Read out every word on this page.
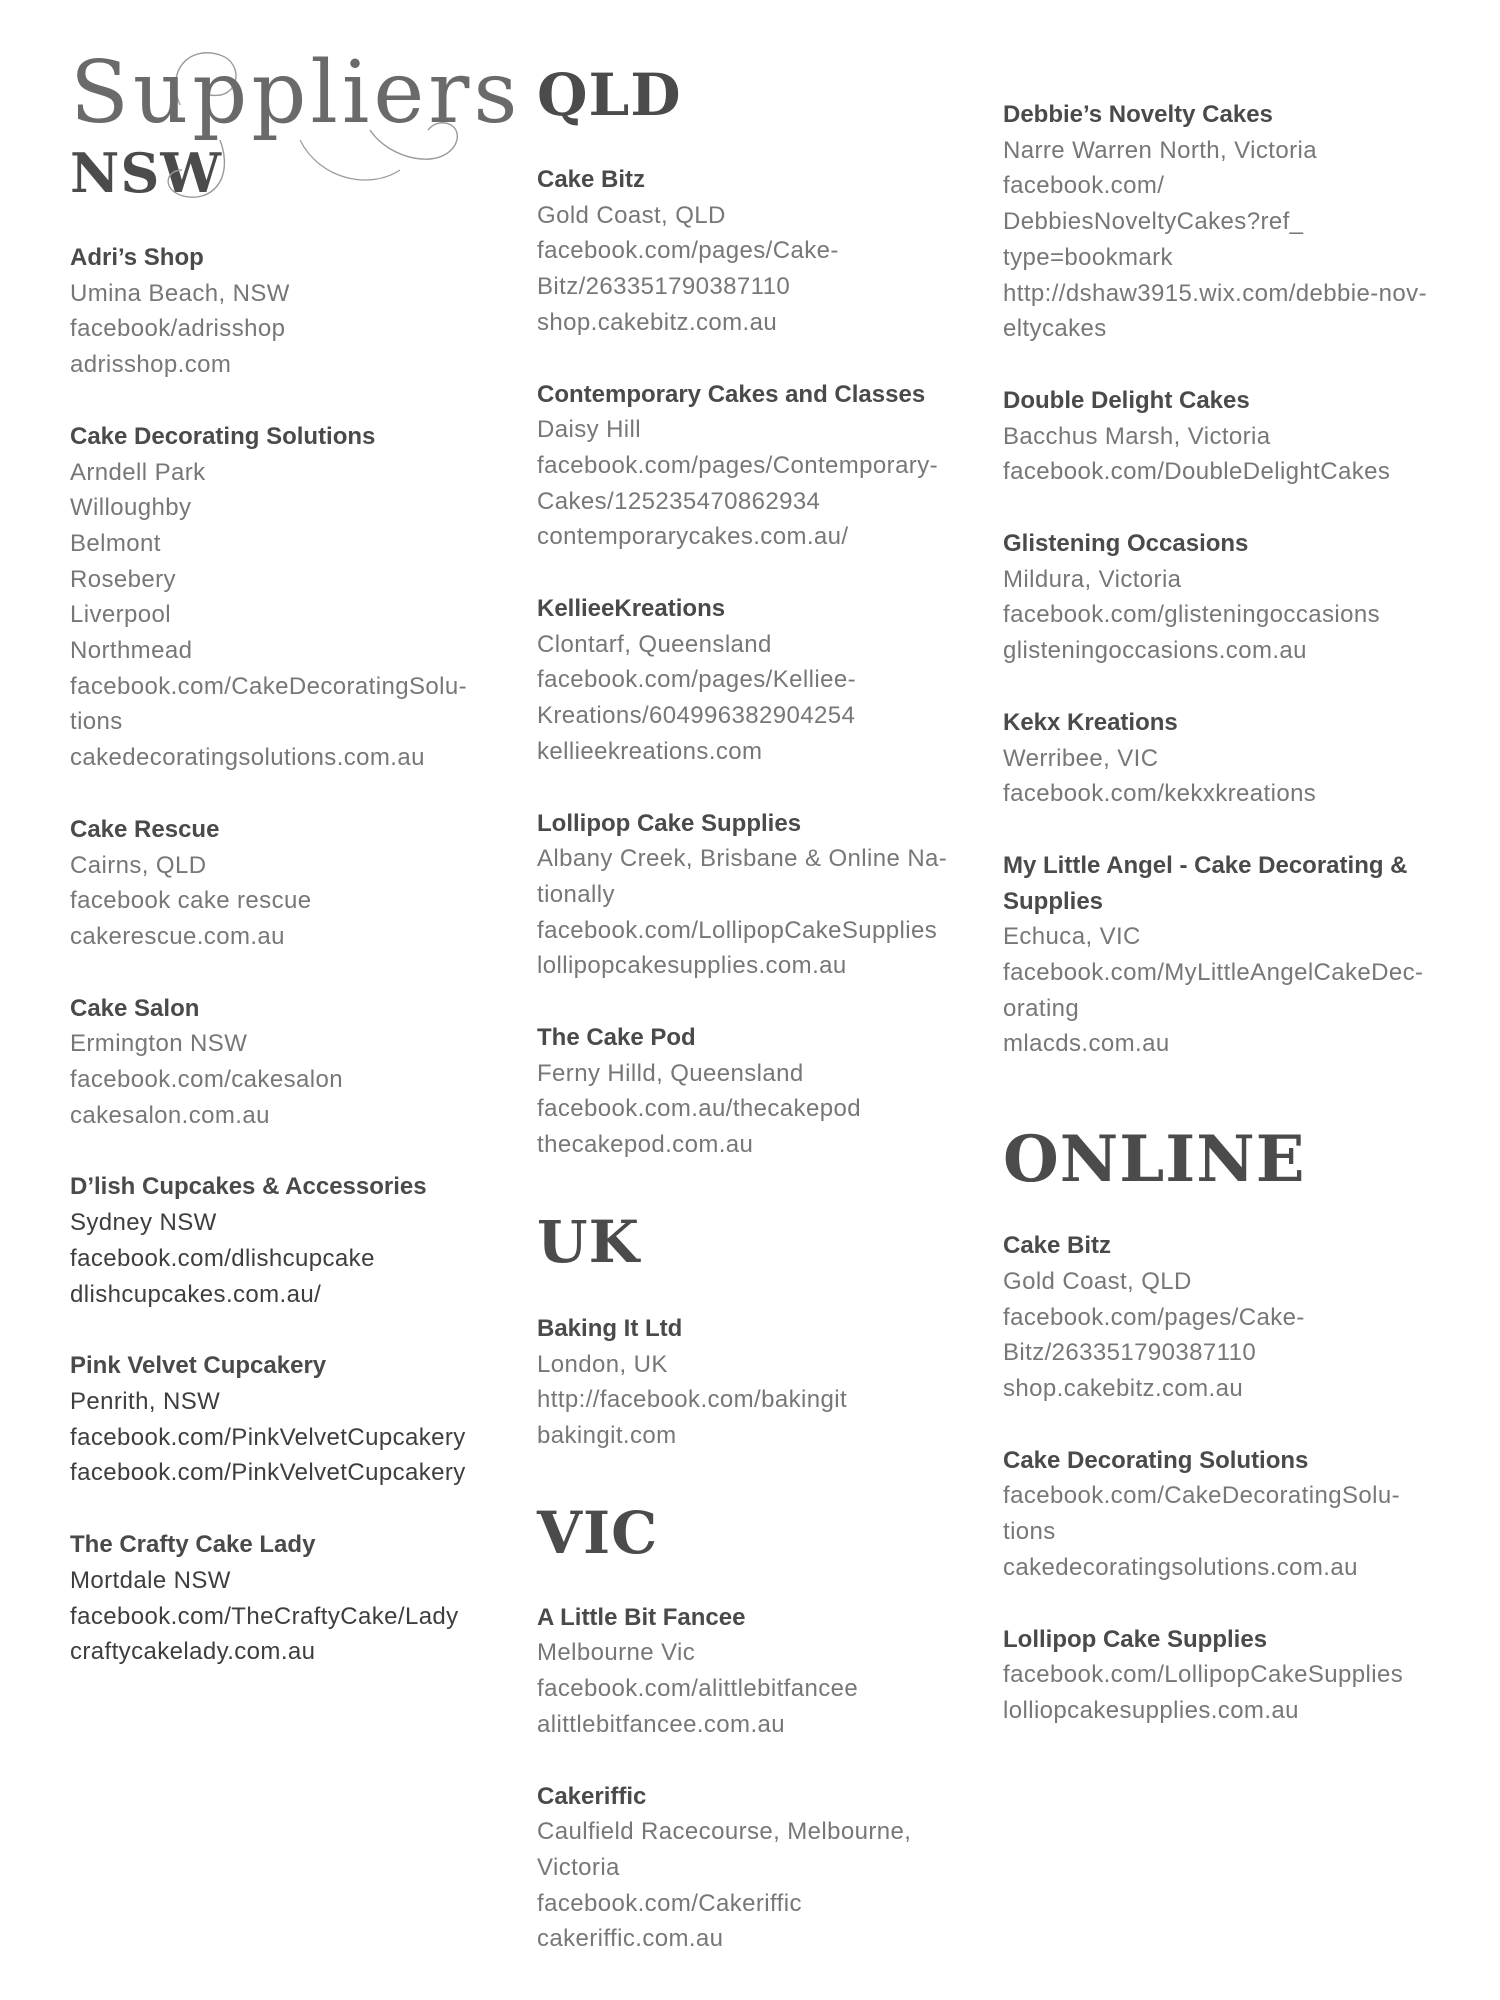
Suppliers
NSW
Adri’s Shop
Umina Beach, NSW
facebook/adrisshop
adrisshop.com
Cake Decorating Solutions
Arndell Park
Willoughby
Belmont
Rosebery
Liverpool
Northmead
facebook.com/CakeDecoratingSolu-
tions
cakedecoratingsolutions.com.au
Cake Rescue
Cairns, QLD
facebook cake rescue
cakerescue.com.au
Cake Salon
Ermington NSW
facebook.com/cakesalon
cakesalon.com.au
D’lish Cupcakes & Accessories
Sydney NSW
facebook.com/dlishcupcake
dlishcupcakes.com.au/
Pink Velvet Cupcakery
Penrith, NSW
facebook.com/PinkVelvetCupcakery
facebook.com/PinkVelvetCupcakery
The Crafty Cake Lady
Mortdale NSW
facebook.com/TheCraftyCake/Lady
craftycakelady.com.au
QLD
Cake Bitz
Gold Coast, QLD
facebook.com/pages/Cake-
Bitz/263351790387110
shop.cakebitz.com.au
Contemporary Cakes and Classes
Daisy Hill
facebook.com/pages/Contemporary-
Cakes/125235470862934
contemporarycakes.com.au/
KellieeKreations
Clontarf, Queensland
facebook.com/pages/Kelliee-
Kreations/604996382904254
kellieekreations.com
Lollipop Cake Supplies
Albany Creek, Brisbane & Online Na-
tionally
facebook.com/LollipopCakeSupplies
lollipopcakesupplies.com.au
The Cake Pod
Ferny Hilld, Queensland
facebook.com.au/thecakepod
thecakepod.com.au
UK
Baking It Ltd
London, UK
http://facebook.com/bakingit
bakingit.com
VIC
A Little Bit Fancee
Melbourne Vic
facebook.com/alittlebitfancee
alittlebitfancee.com.au
Cakeriffic
Caulfield Racecourse, Melbourne,
Victoria
facebook.com/Cakeriffic
cakeriffic.com.au
Debbie’s Novelty Cakes
Narre Warren North, Victoria
facebook.com/
DebbiesNoveltyCakes?ref_
type=bookmark
http://dshaw3915.wix.com/debbie-nov-
eltycakes
Double Delight Cakes
Bacchus Marsh, Victoria
facebook.com/DoubleDelightCakes
Glistening Occasions
Mildura, Victoria
facebook.com/glisteningoccasions
glisteningoccasions.com.au
Kekx Kreations
Werribee, VIC
facebook.com/kekxkreations
My Little Angel - Cake Decorating & Supplies
Echuca, VIC
facebook.com/MyLittleAngelCakeDec-
orating
mlacds.com.au
ONLINE
Cake Bitz
Gold Coast, QLD
facebook.com/pages/Cake-
Bitz/263351790387110
shop.cakebitz.com.au
Cake Decorating Solutions
facebook.com/CakeDecoratingSolu-
tions
cakedecoratingsolutions.com.au
Lollipop Cake Supplies
facebook.com/LollipopCakeSupplies
lolliopcakesupplies.com.au
